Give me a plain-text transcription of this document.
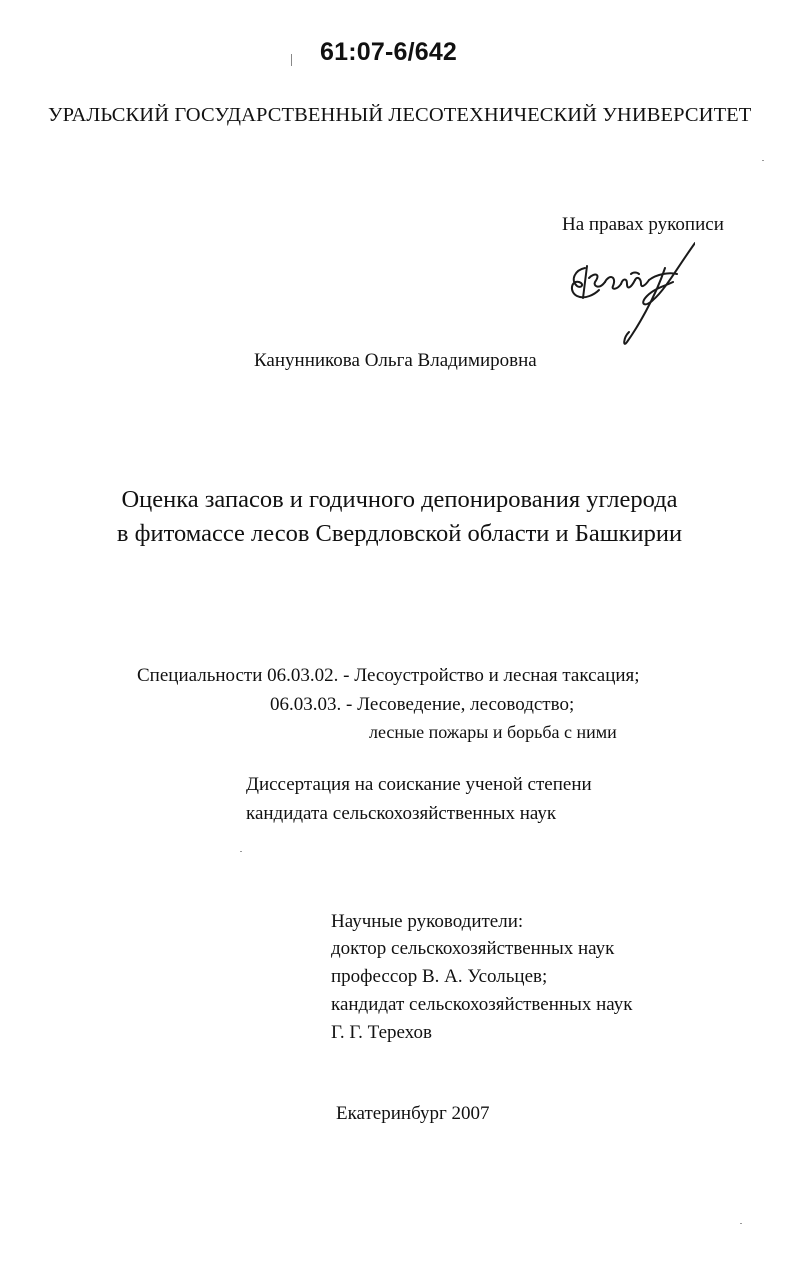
61:07-6/642
УРАЛЬСКИЙ ГОСУДАРСТВЕННЫЙ ЛЕСОТЕХНИЧЕСКИЙ УНИВЕРСИТЕТ
На правах рукописи
Канунникова Ольга Владимировна
Оценка запасов и годичного депонирования углерода
в фитомассе лесов Свердловской области и Башкирии
Специальности 06.03.02. - Лесоустройство и лесная таксация;
06.03.03. - Лесоведение, лесоводство;
лесные пожары и борьба с ними
Диссертация на соискание ученой степени
кандидата сельскохозяйственных наук
Научные руководители:
доктор сельскохозяйственных наук
профессор В. А. Усольцев;
кандидат сельскохозяйственных наук
Г. Г. Терехов
Екатеринбург 2007
